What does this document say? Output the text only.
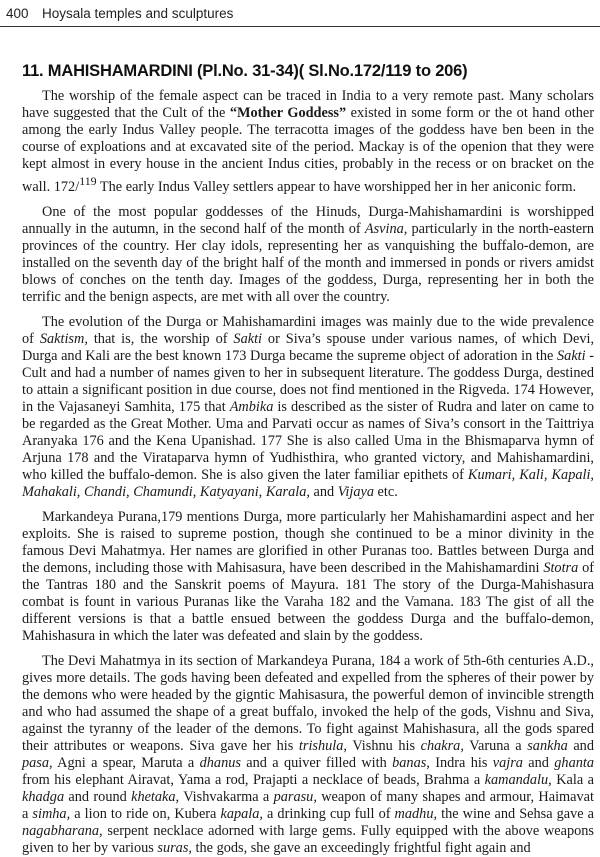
400 Hoysala temples and sculptures
11. MAHISHAMARDINI (Pl.No. 31-34)( Sl.No.172/119 to 206)

The worship of the female aspect can be traced in India to a very remote past. Many scholars have suggested that the Cult of the “Mother Goddess” existed in some form or the ot hand other among the early Indus Valley people. The terracotta images of the goddess have ben been in the course of exploations and at excavated site of the period. Mackay is of the openion that they were kept almost in every house in the ancient Indus cities, probably in the recess or on bracket on the wall. 172/$^{119}$ The early Indus Valley settlers appear to have worshipped her in her aniconic form.

One of the most popular goddesses of the Hinuds, Durga-Mahishamardini is worshipped annually in the autumn, in the second half of the month of Asvina, particularly in the north-eastern provinces of the country. Her clay idols, representing her as vanquishing the buffalo-demon, are installed on the seventh day of the bright half of the month and immersed in ponds or rivers amidst blows of conches on the tenth day. Images of the goddess, Durga, representing her in both the terrific and the benign aspects, are met with all over the country.

The evolution of the Durga or Mahishamardini images was mainly due to the wide prevalence of Saktism, that is, the worship of Sakti or Siva’s spouse under various names, of which Devi, Durga and Kali are the best known 173 Durga became the supreme object of adoration in the Sakti - Cult and had a number of names given to her in subsequent literature. The goddess Durga, destined to attain a significant position in due course, does not find mentioned in the Rigveda. 174 However, in the Vajasaneyi Samhita, 175 that Ambika is described as the sister of Rudra and later on came to be regarded as the Great Mother. Uma and Parvati occur as names of Siva’s consort in the Taittriya Aranyaka 176 and the Kena Upanishad. 177 She is also called Uma in the Bhismaparva hymn of Arjuna 178 and the Virataparva hymn of Yudhisthira, who granted victory, and Mahishamardini, who killed the buffalo-demon. She is also given the later familiar epithets of Kumari, Kali, Kapali, Mahakali, Chandi, Chamundi, Katyayani, Karala, and Vijaya etc.

Markandeya Purana,179 mentions Durga, more particularly her Mahishamardini aspect and her exploits. She is raised to supreme postion, though she continued to be a minor divinity in the famous Devi Mahatmya. Her names are glorified in other Puranas too. Battles between Durga and the demons, including those with Mahisasura, have been described in the Mahishamardini Stotra of the Tantras 180 and the Sanskrit poems of Mayura. 181 The story of the Durga-Mahishasura combat is fount in various Puranas like the Varaha 182 and the Vamana. 183 The gist of all the different versions is that a battle ensued between the goddess Durga and the buffalo-demon, Mahishasura in which the later was defeated and slain by the goddess.

The Devi Mahatmya in its section of Markandeya Purana, 184 a work of 5th-6th centuries A.D., gives more details. The gods having been defeated and expelled from the spheres of their power by the demons who were headed by the gigntic Mahisasura, the powerful demon of invincible strength and who had assumed the shape of a great buffalo, invoked the help of the gods, Vishnu and Siva, against the tyranny of the leader of the demons. To fight against Mahishasura, all the gods spared their attributes or weapons. Siva gave her his trishula, Vishnu his chakra, Varuna a sankha and pasa, Agni a spear, Maruta a dhanus and a quiver filled with banas, Indra his vajra and ghanta from his elephant Airavat, Yama a rod, Prajapti a necklace of beads, Brahma a kamandalu, Kala a khadga and round khetaka, Vishvakarma a parasu, weapon of many shapes and armour, Haimavat a simha, a lion to ride on, Kubera kapala, a drinking cup full of madhu, the wine and Sehsa gave a nagabharana, serpent necklace adorned with large gems. Fully equipped with the above weapons given to her by various suras, the gods, she gave an exceedingly frightful fight again and
